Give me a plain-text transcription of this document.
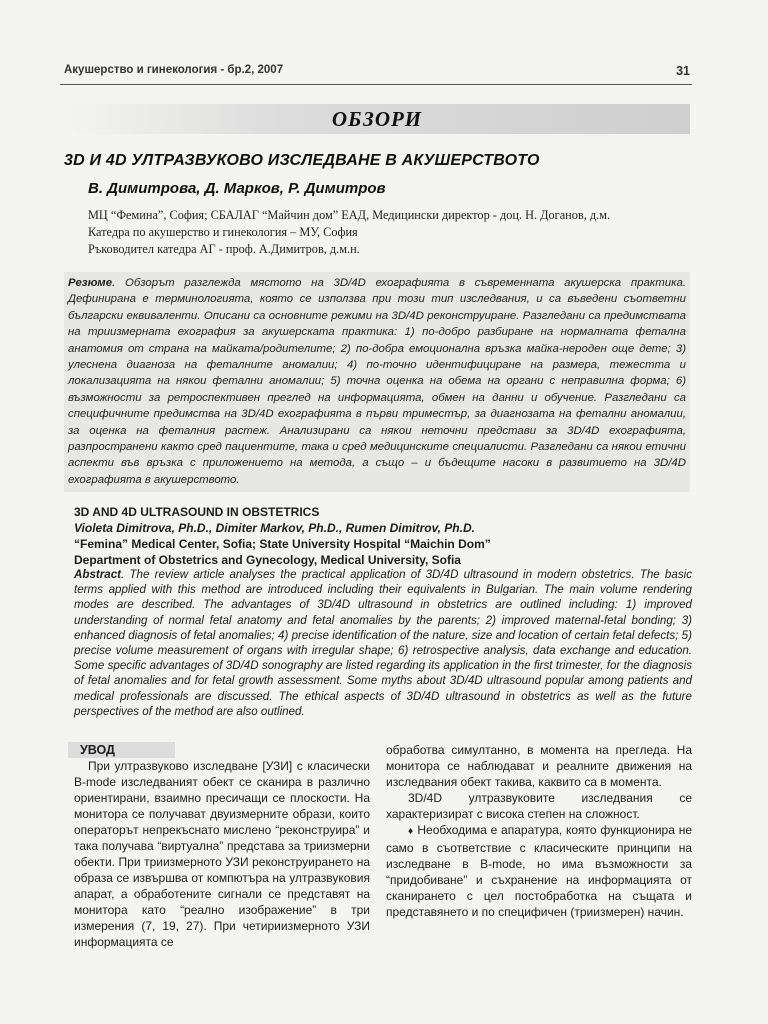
Акушерство и гинекология - бр.2, 2007	31
ОБЗОРИ
3D И 4D УЛТРАЗВУКОВО ИЗСЛЕДВАНЕ В АКУШЕРСТВОТО
В. Димитрова, Д. Марков, Р. Димитров
МЦ “Фемина”, София; СБАЛАГ “Майчин дом” ЕАД, Медицински директор - доц. Н. Доганов, д.м.
Катедра по акушерство и гинекология – МУ, София
Ръководител катедра АГ - проф. А.Димитров, д.м.н.
Резюме. Обзорът разглежда мястото на 3D/4D ехографията в съвременната акушерска практика. Дефинирана е терминологията, която се използва при този тип изследвания, и са въведени съответни български еквиваленти. Описани са основните режими на 3D/4D реконструиране. Разгледани са предимствата на триизмерната ехография за акушерската практика: 1) по-добро разбиране на нормалната фетална анатомия от страна на майката/родителите; 2) по-добра емоционална връзка майка-нероден още дете; 3) улеснена диагноза на феталните аномалии; 4) по-точно идентифициране на размера, тежестта и локализацията на някои фетални аномалии; 5) точна оценка на обема на органи с неправилна форма; 6) възможности за ретроспективен преглед на информацията, обмен на данни и обучение. Разгледани са специфичните предимства на 3D/4D ехографията в първи триместър, за диагнозата на фетални аномалии, за оценка на феталния растеж. Анализирани са някои неточни представи за 3D/4D ехографията, разпространени както сред пациентите, така и сред медицинските специалисти. Разгледани са някои етични аспекти във връзка с приложението на метода, а също – и бъдещите насоки в развитието на 3D/4D ехографията в акушерството.
3D AND 4D ULTRASOUND IN OBSTETRICS
Violeta Dimitrova, Ph.D., Dimiter Markov, Ph.D., Rumen Dimitrov, Ph.D.
“Femina” Medical Center, Sofia; State University Hospital “Maichin Dom”
Department of Obstetrics and Gynecology, Medical University, Sofia
Abstract. The review article analyses the practical application of 3D/4D ultrasound in modern obstetrics. The basic terms applied with this method are introduced including their equivalents in Bulgarian. The main volume rendering modes are described. The advantages of 3D/4D ultrasound in obstetrics are outlined including: 1) improved understanding of normal fetal anatomy and fetal anomalies by the parents; 2) improved maternal-fetal bonding; 3) enhanced diagnosis of fetal anomalies; 4) precise identification of the nature, size and location of certain fetal defects; 5) precise volume measurement of organs with irregular shape; 6) retrospective analysis, data exchange and education. Some specific advantages of 3D/4D sonography are listed regarding its application in the first trimester, for the diagnosis of fetal anomalies and for fetal growth assessment. Some myths about 3D/4D ultrasound popular among patients and medical professionals are discussed. The ethical aspects of 3D/4D ultrasound in obstetrics as well as the future perspectives of the method are also outlined.
УВОД

При ултразвуково изследване [УЗИ] с класически B-mode изследваният обект се сканира в различно ориентирани, взаимно пресичащи се плоскости. На монитора се получават двуизмерните образи, които операторът непрекъснато мислено “реконструира” и така получава “виртуална” представа за триизмерни обекти. При триизмерното УЗИ реконструирането на образа се извършва от компютъра на ултразвуковия апарат, а обработените сигнали се представят на монитора като “реално изображение” в три измерения (7, 19, 27). При четириизмерното УЗИ информацията се

обработва симултанно, в момента на прегледа. На монитора се наблюдават и реалните движения на изследвания обект такива, каквито са в момента.

3D/4D ултразвуковите изследвания се характеризират с висока степен на сложност.

♦ Необходима е апаратура, която функционира не само в съответствие с класическите принципи на изследване в B-mode, но има възможности за “придобиване” и съхранение на информацията от сканирането с цел постобработка на същата и представянето и по специфичен (триизмерен) начин.
